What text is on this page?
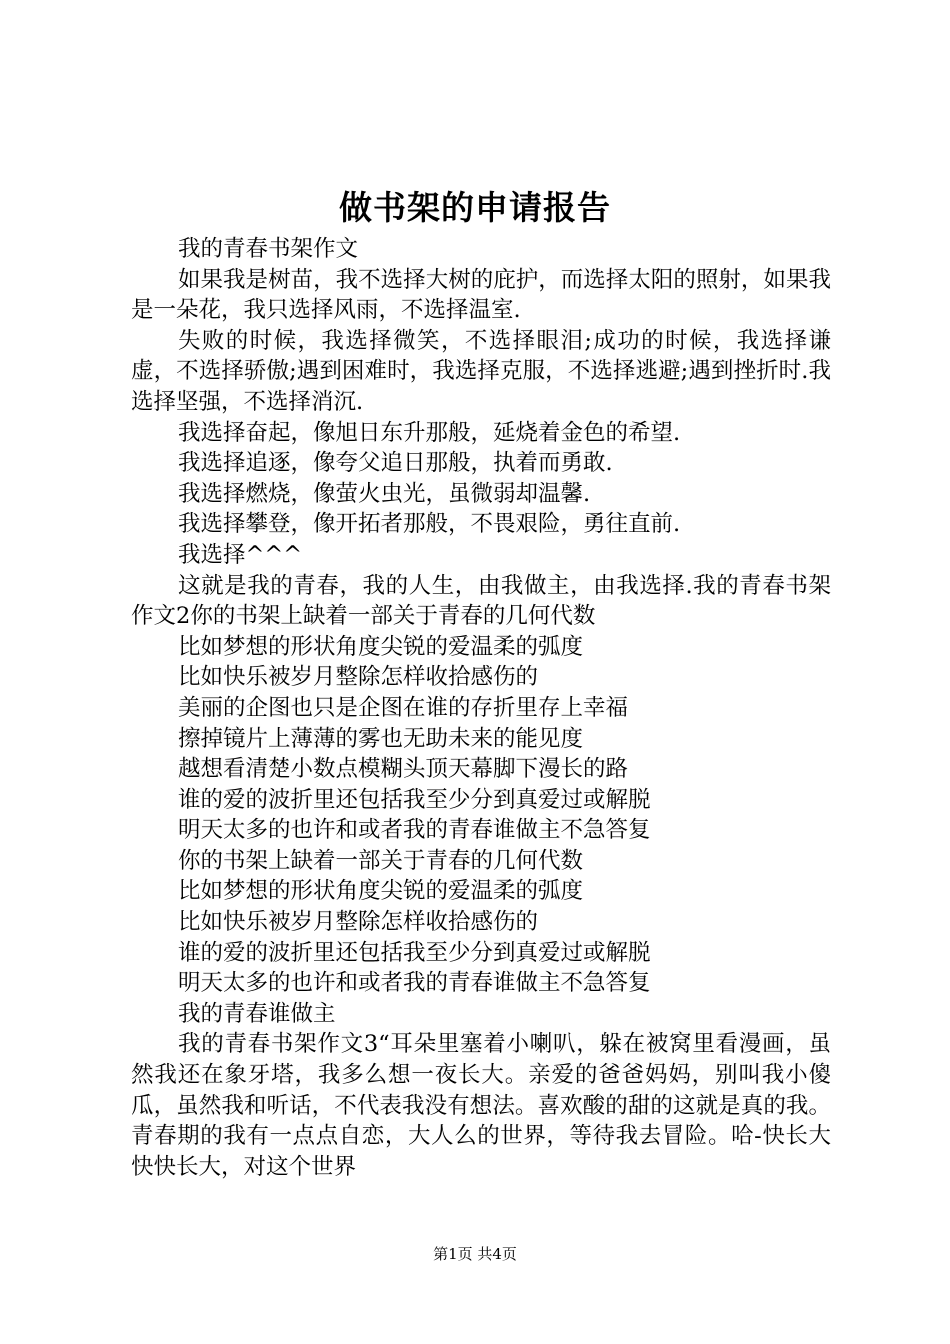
做书架的申请报告

我的青春书架作文

如果我是树苗，我不选择大树的庇护，而选择太阳的照射，如果我是一朵花，我只选择风雨，不选择温室.

失败的时候，我选择微笑，不选择眼泪;成功的时候，我选择谦虚，不选择骄傲;遇到困难时，我选择克服，不选择逃避;遇到挫折时.我选择坚强，不选择消沉.

我选择奋起，像旭日东升那般，延烧着金色的希望.

我选择追逐，像夸父追日那般，执着而勇敢.

我选择燃烧，像萤火虫光，虽微弱却温馨.

我选择攀登，像开拓者那般，不畏艰险，勇往直前.

我选择^^^

这就是我的青春，我的人生，由我做主，由我选择.我的青春书架作文2你的书架上缺着一部关于青春的几何代数

比如梦想的形状角度尖锐的爱温柔的弧度

比如快乐被岁月整除怎样收拾感伤的

美丽的企图也只是企图在谁的存折里存上幸福

擦掉镜片上薄薄的雾也无助未来的能见度

越想看清楚小数点模糊头顶天幕脚下漫长的路

谁的爱的波折里还包括我至少分到真爱过或解脱

明天太多的也许和或者我的青春谁做主不急答复

你的书架上缺着一部关于青春的几何代数

比如梦想的形状角度尖锐的爱温柔的弧度

比如快乐被岁月整除怎样收拾感伤的

谁的爱的波折里还包括我至少分到真爱过或解脱

明天太多的也许和或者我的青春谁做主不急答复

我的青春谁做主

我的青春书架作文3“耳朵里塞着小喇叭，躲在被窝里看漫画，虽然我还在象牙塔，我多么想一夜长大。亲爱的爸爸妈妈，别叫我小傻瓜，虽然我和听话，不代表我没有想法。喜欢酸的甜的这就是真的我。青春期的我有一点点自恋，大人么的世界，等待我去冒险。哈-快长大快快长大，对这个世界

第1页 共4页
